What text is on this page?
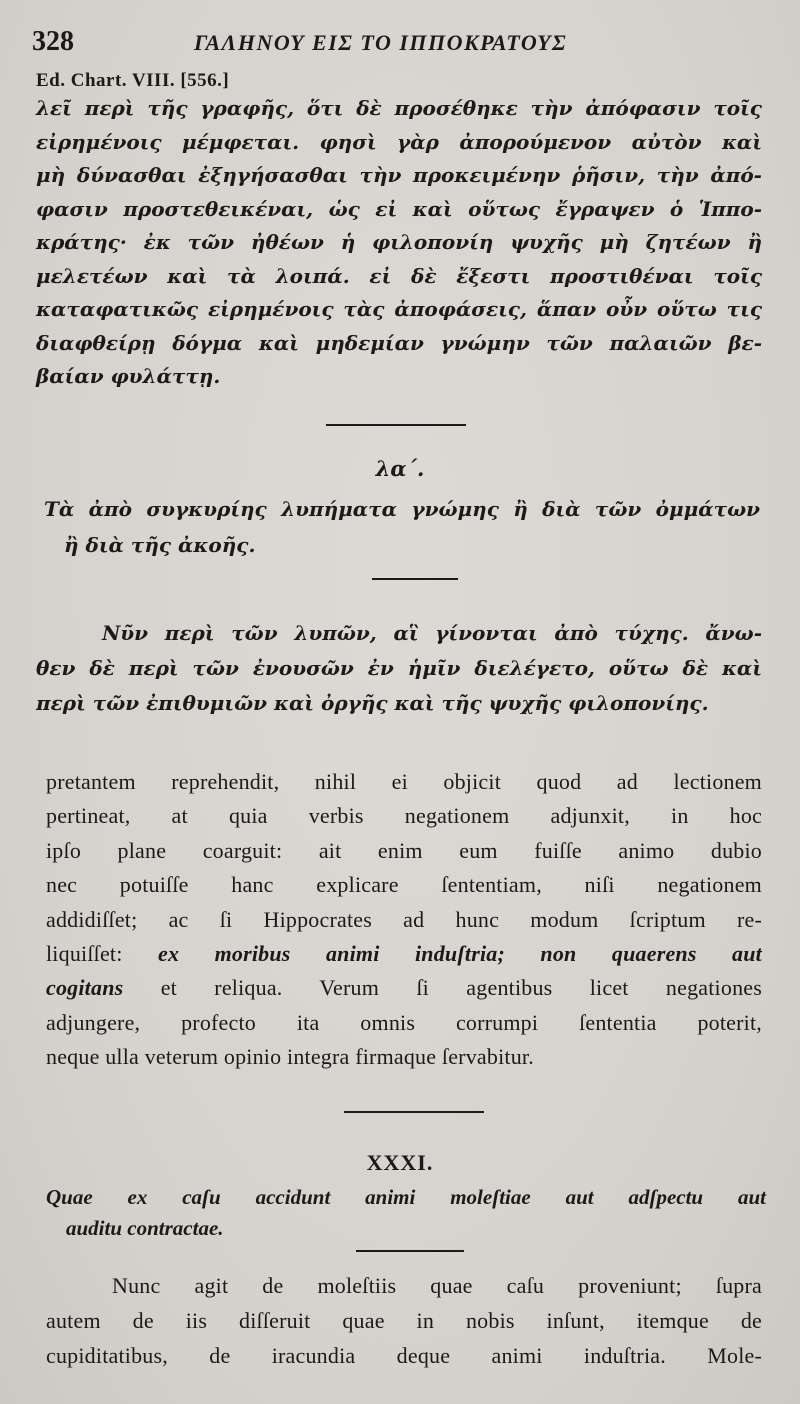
328	ΓΑΛΗΝΟΥ ΕΙΣ ΤΟ ΙΠΠΟΚΡΑΤΟΥΣ
Ed. Chart. VIII. [556.]
λεῖ περὶ τῆς γραφῆς, ὅτι δὲ προσέθηκε τὴν ἀπόφασιν τοῖς
εἰρημένοις μέμφεται. φησὶ γὰρ ἀπορούμενον αὐτὸν καὶ
μὴ δύνασθαι ἐξηγήσασθαι τὴν προκειμένην ῥῆσιν, τὴν ἀπό-
φασιν προστεθεικέναι, ὡς εἰ καὶ οὕτως ἔγραψεν ὁ Ἱππο-
κράτης· ἐκ τῶν ἠθέων ἡ φιλοπονίη ψυχῆς μὴ ζητέων ἢ
μελετέων καὶ τὰ λοιπά. εἰ δὲ ἔξεστι προστιθέναι τοῖς
καταφατικῶς εἰρημένοις τὰς ἀποφάσεις, ἅπαν οὖν οὕτω τις
διαφθείρῃ δόγμα καὶ μηδεμίαν γνώμην τῶν παλαιῶν βε-
βαίαν φυλάττῃ.
λα΄.
Τὰ ἀπὸ συγκυρίης λυπήματα γνώμης ἢ διὰ τῶν ὀμμάτων
ἢ διὰ τῆς ἀκοῆς.
Νῦν περὶ τῶν λυπῶν, αἳ γίνονται ἀπὸ τύχης. ἄνω-
θεν δὲ περὶ τῶν ἐνουσῶν ἐν ἡμῖν διελέγετο, οὕτω δὲ καὶ
περὶ τῶν ἐπιθυμιῶν καὶ ὀργῆς καὶ τῆς ψυχῆς φιλοπονίης.
pretantem reprehendit, nihil ei objicit quod ad lectionem
pertineat, at quia verbis negationem adjunxit, in hoc
ipſo plane coarguit: ait enim eum fuiſſe animo dubio
nec potuiſſe hanc explicare ſententiam, niſi negationem
addidiſſet; ac ſi Hippocrates ad hunc modum ſcriptum re-
liquiſſet: ex moribus animi induſtria; non quaerens aut
cogitans et reliqua. Verum ſi agentibus licet negationes
adjungere, profecto ita omnis corrumpi ſententia poterit,
neque ulla veterum opinio integra firmaque ſervabitur.
XXXI.
Quae ex caſu accidunt animi moleſtiae aut adſpectu aut
auditu contractae.
Nunc agit de moleſtiis quae caſu proveniunt; ſupra
autem de iis diſſeruit quae in nobis inſunt, itemque de
cupiditatibus, de iracundia deque animi induſtria. Mole-
